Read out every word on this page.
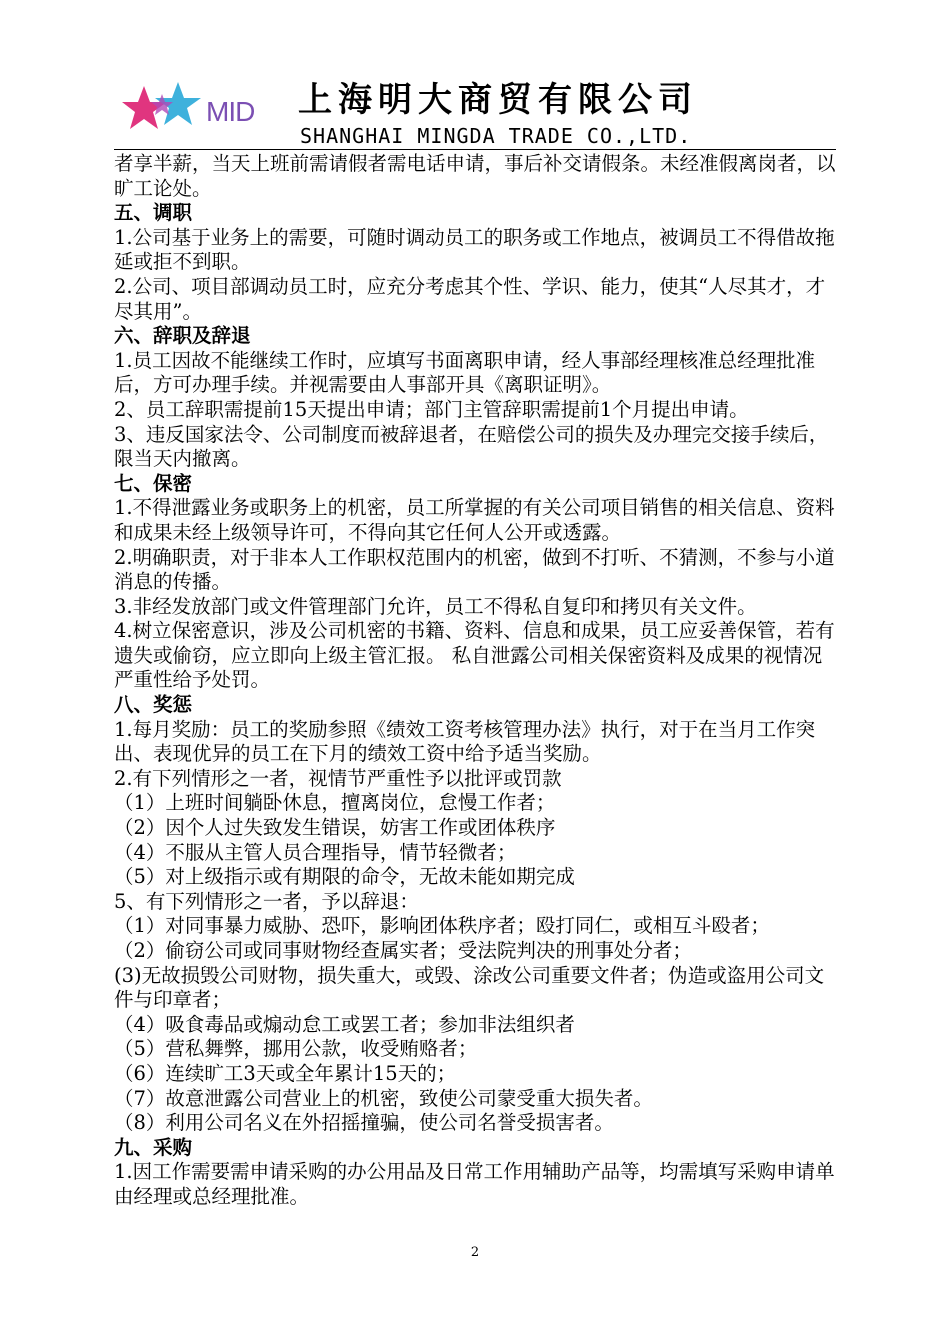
MID 上海明大商贸有限公司
SHANGHAI MINGDA TRADE CO.,LTD.

者享半薪，当天上班前需请假者需电话申请，事后补交请假条。未经准假离岗者，以旷工论处。

五、调职

1.公司基于业务上的需要，可随时调动员工的职务或工作地点，被调员工不得借故拖延或拒不到职。

2.公司、项目部调动员工时，应充分考虑其个性、学识、能力，使其“人尽其才，才尽其用”。

六、辞职及辞退

1.员工因故不能继续工作时，应填写书面离职申请，经人事部经理核准总经理批准后，方可办理手续。并视需要由人事部开具《离职证明》。

2、员工辞职需提前15天提出申请；部门主管辞职需提前1个月提出申请。

3、违反国家法令、公司制度而被辞退者，在赔偿公司的损失及办理完交接手续后，限当天内撤离。

七、保密

1.不得泄露业务或职务上的机密，员工所掌握的有关公司项目销售的相关信息、资料和成果未经上级领导许可，不得向其它任何人公开或透露。

2.明确职责，对于非本人工作职权范围内的机密，做到不打听、不猜测，不参与小道消息的传播。

3.非经发放部门或文件管理部门允许，员工不得私自复印和拷贝有关文件。

4.树立保密意识，涉及公司机密的书籍、资料、信息和成果，员工应妥善保管，若有遗失或偷窃，应立即向上级主管汇报。 私自泄露公司相关保密资料及成果的视情况严重性给予处罚。

八、奖惩

1.每月奖励：员工的奖励参照《绩效工资考核管理办法》执行，对于在当月工作突出、表现优异的员工在下月的绩效工资中给予适当奖励。

2.有下列情形之一者，视情节严重性予以批评或罚款

（1）上班时间躺卧休息，擅离岗位，怠慢工作者；

（2）因个人过失致发生错误，妨害工作或团体秩序

（4）不服从主管人员合理指导，情节轻微者；

（5）对上级指示或有期限的命令，无故未能如期完成

5、有下列情形之一者，予以辞退：

（1）对同事暴力威胁、恐吓，影响团体秩序者；殴打同仁，或相互斗殴者；

（2）偷窃公司或同事财物经查属实者；受法院判决的刑事处分者；

(3)无故损毁公司财物，损失重大，或毁、涂改公司重要文件者；伪造或盗用公司文件与印章者；

（4）吸食毒品或煽动怠工或罢工者；参加非法组织者

（5）营私舞弊，挪用公款，收受贿赂者；

（6）连续旷工3天或全年累计15天的；

（7）故意泄露公司营业上的机密，致使公司蒙受重大损失者。

（8）利用公司名义在外招摇撞骗，使公司名誉受损害者。

九、采购

1.因工作需要需申请采购的办公用品及日常工作用辅助产品等，均需填写采购申请单由经理或总经理批准。

2
